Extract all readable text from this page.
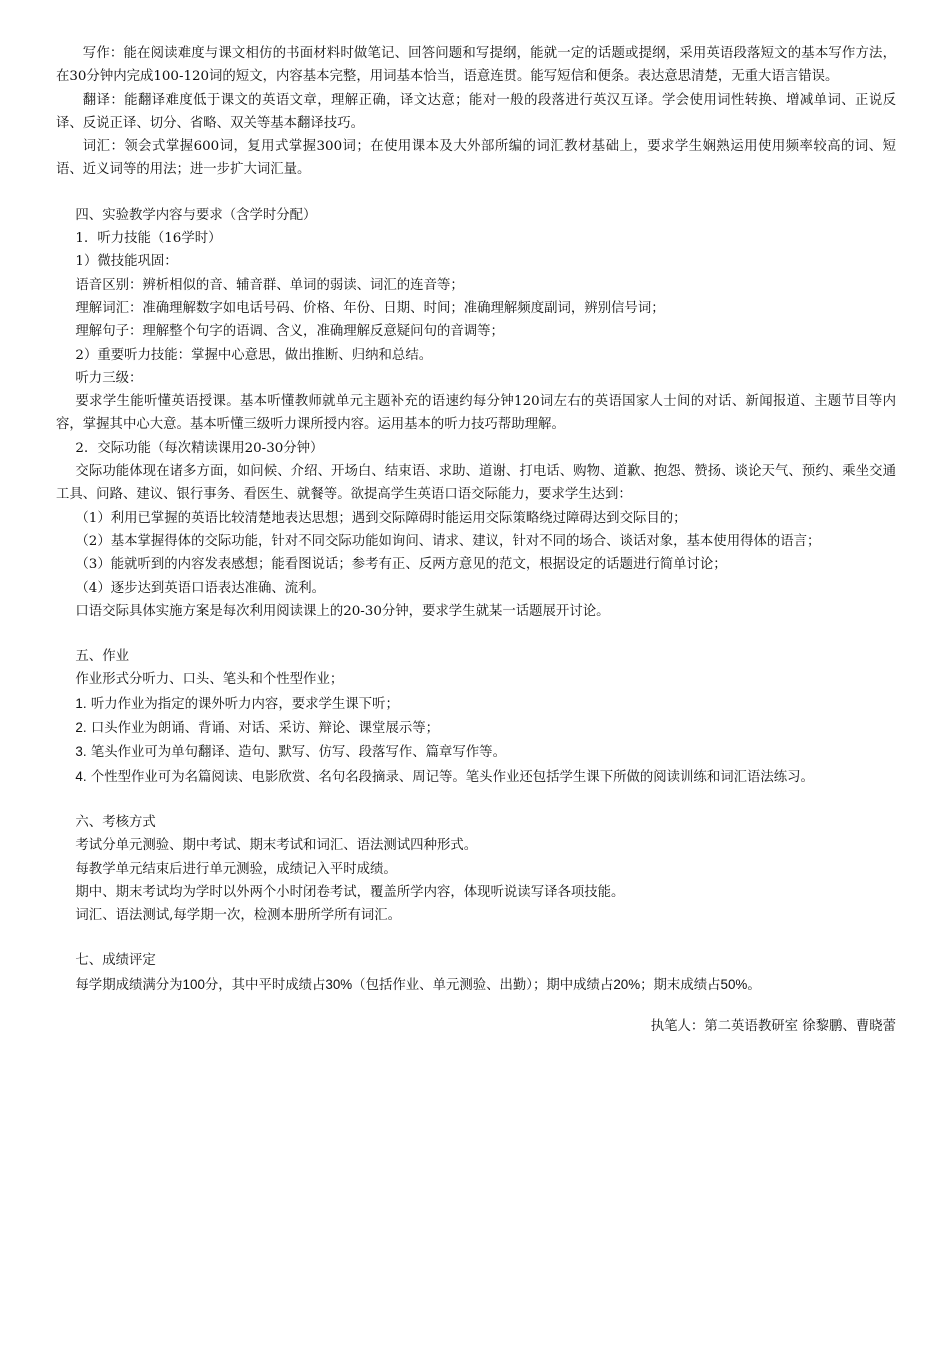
写作：能在阅读难度与课文相仿的书面材料时做笔记、回答问题和写提纲，能就一定的话题或提纲，采用英语段落短文的基本写作方法，在30分钟内完成100-120词的短文，内容基本完整，用词基本恰当，语意连贯。能写短信和便条。表达意思清楚，无重大语言错误。

翻译：能翻译难度低于课文的英语文章，理解正确，译文达意；能对一般的段落进行英汉互译。学会使用词性转换、增减单词、正说反译、反说正译、切分、省略、双关等基本翻译技巧。

词汇：领会式掌握600词，复用式掌握300词；在使用课本及大外部所编的词汇教材基础上，要求学生娴熟运用使用频率较高的词、短语、近义词等的用法；进一步扩大词汇量。

四、实验教学内容与要求（含学时分配）

1．听力技能（16学时）

1）微技能巩固：

语音区别：辨析相似的音、辅音群、单词的弱读、词汇的连音等；

理解词汇：准确理解数字如电话号码、价格、年份、日期、时间；准确理解频度副词，辨别信号词；

理解句子：理解整个句字的语调、含义，准确理解反意疑问句的音调等；

2）重要听力技能：掌握中心意思，做出推断、归纳和总结。

听力三级：

要求学生能听懂英语授课。基本听懂教师就单元主题补充的语速约每分钟120词左右的英语国家人士间的对话、新闻报道、主题节目等内容，掌握其中心大意。基本听懂三级听力课所授内容。运用基本的听力技巧帮助理解。

2．交际功能（每次精读课用20-30分钟）

交际功能体现在诸多方面，如问候、介绍、开场白、结束语、求助、道谢、打电话、购物、道歉、抱怨、赞扬、谈论天气、预约、乘坐交通工具、问路、建议、银行事务、看医生、就餐等。欲提高学生英语口语交际能力，要求学生达到：

（1）利用已掌握的英语比较清楚地表达思想；遇到交际障碍时能运用交际策略绕过障碍达到交际目的；

（2）基本掌握得体的交际功能，针对不同交际功能如询问、请求、建议，针对不同的场合、谈话对象，基本使用得体的语言；

（3）能就听到的内容发表感想；能看图说话；参考有正、反两方意见的范文，根据设定的话题进行简单讨论；

（4）逐步达到英语口语表达准确、流利。

口语交际具体实施方案是每次利用阅读课上的20-30分钟，要求学生就某一话题展开讨论。

五、作业

作业形式分听力、口头、笔头和个性型作业；

1. 听力作业为指定的课外听力内容，要求学生课下听；

2. 口头作业为朗诵、背诵、对话、采访、辩论、课堂展示等；

3. 笔头作业可为单句翻译、造句、默写、仿写、段落写作、篇章写作等。

4. 个性型作业可为名篇阅读、电影欣赏、名句名段摘录、周记等。笔头作业还包括学生课下所做的阅读训练和词汇语法练习。

六、考核方式

考试分单元测验、期中考试、期末考试和词汇、语法测试四种形式。

每教学单元结束后进行单元测验，成绩记入平时成绩。

期中、期末考试均为学时以外两个小时闭卷考试，覆盖所学内容，体现听说读写译各项技能。

词汇、语法测试,每学期一次，检测本册所学所有词汇。

七、成绩评定

每学期成绩满分为100分，其中平时成绩占30%（包括作业、单元测验、出勤）；期中成绩占20%；期末成绩占50%。

执笔人：第二英语教研室 徐黎鹏、曹晓蕾
